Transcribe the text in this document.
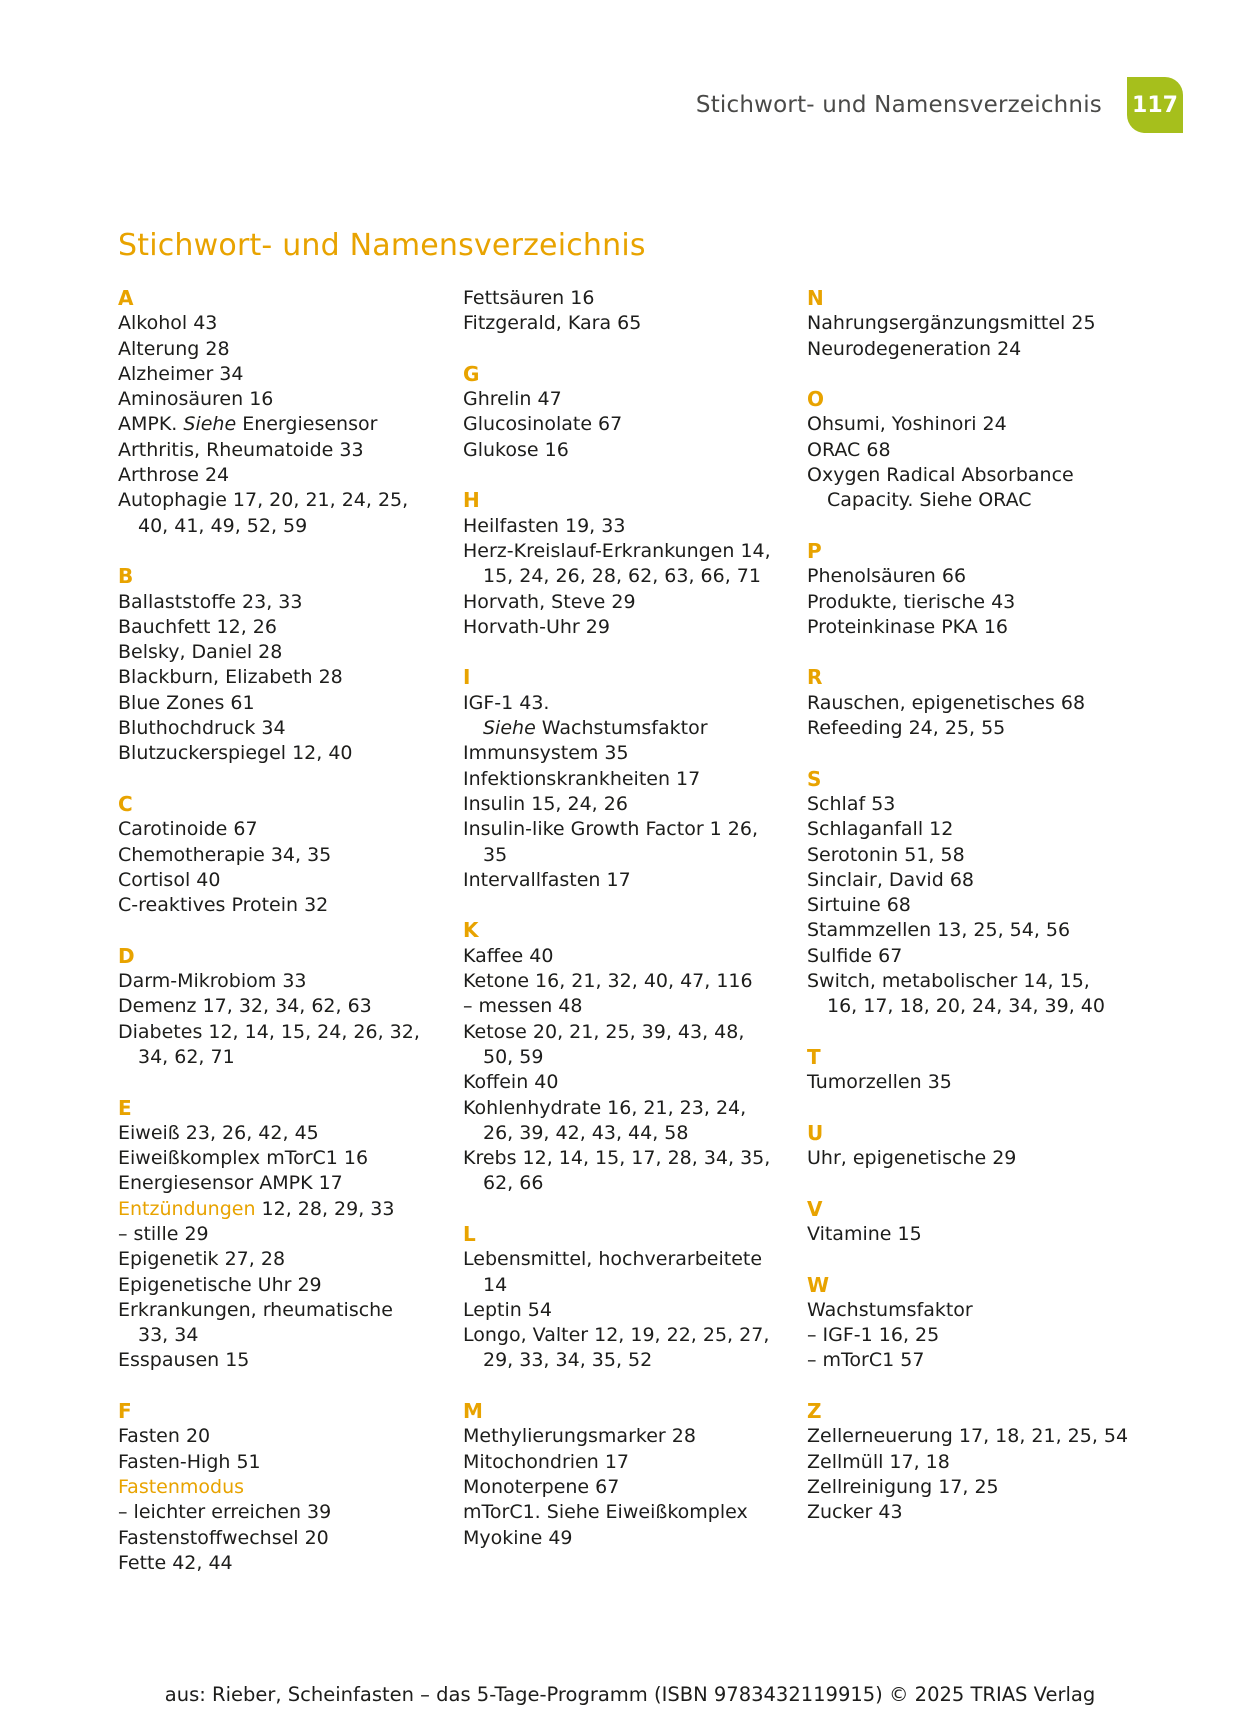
Stichwort- und Namensverzeichnis 117
Stichwort- und Namensverzeichnis
A
Alkohol 43
Alterung 28
Alzheimer 34
Aminosäuren 16
AMPK. Siehe Energiesensor
Arthritis, Rheumatoide 33
Arthrose 24
Autophagie 17, 20, 21, 24, 25,
40, 41, 49, 52, 59
B
Ballaststoffe 23, 33
Bauchfett 12, 26
Belsky, Daniel 28
Blackburn, Elizabeth 28
Blue Zones 61
Bluthochdruck 34
Blutzuckerspiegel 12, 40
C
Carotinoide 67
Chemotherapie 34, 35
Cortisol 40
C-reaktives Protein 32
D
Darm-Mikrobiom 33
Demenz 17, 32, 34, 62, 63
Diabetes 12, 14, 15, 24, 26, 32,
34, 62, 71
E
Eiweiß 23, 26, 42, 45
Eiweißkomplex mTorC1 16
Energiesensor AMPK 17
Entzündungen 12, 28, 29, 33
– stille 29
Epigenetik 27, 28
Epigenetische Uhr 29
Erkrankungen, rheumatische
33, 34
Esspausen 15
F
Fasten 20
Fasten-High 51
Fastenmodus
– leichter erreichen 39
Fastenstoffwechsel 20
Fette 42, 44
Fettsäuren 16
Fitzgerald, Kara 65
G
Ghrelin 47
Glucosinolate 67
Glukose 16
H
Heilfasten 19, 33
Herz-Kreislauf-Erkrankungen 14,
15, 24, 26, 28, 62, 63, 66, 71
Horvath, Steve 29
Horvath-Uhr 29
I
IGF-1 43.
Siehe Wachstumsfaktor
Immunsystem 35
Infektionskrankheiten 17
Insulin 15, 24, 26
Insulin-like Growth Factor 1 26,
35
Intervallfasten 17
K
Kaffee 40
Ketone 16, 21, 32, 40, 47, 116
– messen 48
Ketose 20, 21, 25, 39, 43, 48,
50, 59
Koffein 40
Kohlenhydrate 16, 21, 23, 24,
26, 39, 42, 43, 44, 58
Krebs 12, 14, 15, 17, 28, 34, 35,
62, 66
L
Lebensmittel, hochverarbeitete
14
Leptin 54
Longo, Valter 12, 19, 22, 25, 27,
29, 33, 34, 35, 52
M
Methylierungsmarker 28
Mitochondrien 17
Monoterpene 67
mTorC1. Siehe Eiweißkomplex
Myokine 49
N
Nahrungsergänzungsmittel 25
Neurodegeneration 24
O
Ohsumi, Yoshinori 24
ORAC 68
Oxygen Radical Absorbance
Capacity. Siehe ORAC
P
Phenolsäuren 66
Produkte, tierische 43
Proteinkinase PKA 16
R
Rauschen, epigenetisches 68
Refeeding 24, 25, 55
S
Schlaf 53
Schlaganfall 12
Serotonin 51, 58
Sinclair, David 68
Sirtuine 68
Stammzellen 13, 25, 54, 56
Sulfide 67
Switch, metabolischer 14, 15,
16, 17, 18, 20, 24, 34, 39, 40
T
Tumorzellen 35
U
Uhr, epigenetische 29
V
Vitamine 15
W
Wachstumsfaktor
– IGF-1 16, 25
– mTorC1 57
Z
Zellerneuerung 17, 18, 21, 25, 54
Zellmüll 17, 18
Zellreinigung 17, 25
Zucker 43
aus: Rieber, Scheinfasten – das 5-Tage-Programm (ISBN 9783432119915) © 2025 TRIAS Verlag
